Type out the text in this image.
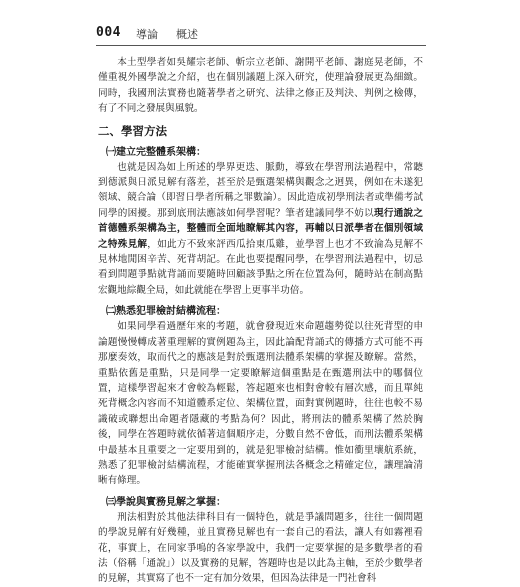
004 導論 概述

本土型學者如吳耀宗老師、斬宗立老師、謝開平老師、謝庭晃老師，不僅重視外國學說之介紹，也在個別議題上深入研究，使理論發展更為細緻。同時，我國刑法實務也隨著學者之研究、法律之修正及判決、判例之檢傳，有了不同之發展與風貌。

二、學習方法
㈠建立完整體系架構：

也就是因為如上所述的學界更迭、脈動，導致在學習刑法過程中，常聽到德派與日派見解有落差，甚至於是甄選架構與觀念之迥異，例如在未遂犯領域、競合論（即習日學者所稱之罪數論）。因此造成初學刑法者或準備考試同學的困擾。那到底刑法應該如何學習呢？筆者建議同學不妨以現行通說之首德體系架構為主，整體而全面地瞭解其內容，再輔以日派學者在個別領域之特殊見解，如此方不致來評西瓜拾東瓜雞，並學習上也才不致淪為見解不見林地閒困辛苦、死背胡記。在此也要提醒同學，在學習刑法過程中，切忌看到問題爭點就背誦而要隨時回顧該爭點之所在位置為何，隨時站在制高點宏觀地綜觀全局，如此就能在學習上更事半功倍。

㈡熟悉犯罪檢討結構流程：

如果同學看過歷年來的考題，就會發現近來命題趨勢從以往死背型的申論題慢慢轉成著重理解的實例題為主，因此論配背誦式的傳播方式可能不再那麼奏效，取而代之的應該是對於甄選刑法體系架構的掌握及瞭解。當然，重點依舊是重點，只是同學一定要瞭解這個重點是在甄選刑法中的哪個位置，這樣學習起來才會較為輕鬆，答起題來也相對會較有層次感，而且單純死背概念內容而不知道體系定位、架構位置，面對實例題時，往往也較不易識破或聯想出命題者隱藏的考點為何？因此，將刑法的體系架構了然於胸後，同學在答題時就依循著這個順序走，分數自然不會低，而刑法體系架構中最基本且重要之一定要用到的，就是犯罪檢討結構。惟如衝里壤航系統，熟悉了犯罪檢討結構流程，才能確實掌握刑法各概念之精確定位，讓理論清晰有條理。

㈢學說與實務見解之掌握：

刑法相對於其他法律科目有一個特色，就是爭議問題多，往往一個問題的學說見解有好幾種，並且實務見解也有一套自己的看法，讓人有如霧裡看花，事實上，在同家爭鳴的各家學說中，我們一定要掌握的是多數學者的看法（俗稱「通說」）以及實務的見解，答題時也是以此為主軸，至於少數學者的見解，其實寫了也不一定有加分效果，但因為法律是一門社會科
